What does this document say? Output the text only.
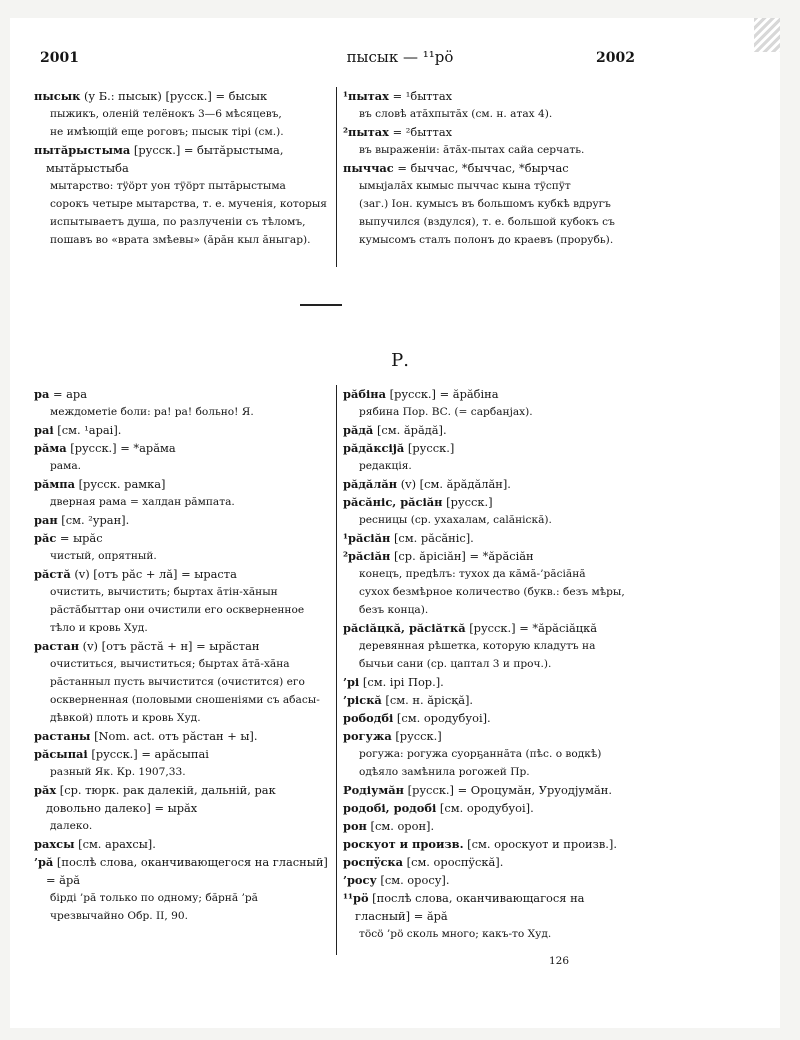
2001	пысык — ¹¹рö	2002

пысык (у Б.: пысык) [русск.] = бысык
пыжикъ, оленій телёнокъ 3—6 мѣсяцевъ,
не имѣющій еще роговъ; пысык тірі (см.).

пытăрыстыма [русск.] = бытăрыстыма, мытăрыстыба
мытарство: тÿöрт уон тÿöрт пытăрыстыма
сорокъ четыре мытарства, т. е. мученія, которыя испытываетъ душа, по разлученіи съ тѣломъ, пошавъ во «врата змѣевы» (ăрăн кыл ăныгар).

¹пытах = ¹быттах
въ словѣ атăхпытăх (см. н. атах 4).

²пытах = ²быттах
въ выраженіи: ăтăх-пытах сайа серчать.

пыччас = быччас, *быччас, *бырчас
ымыјалăх кымыс пыччас кына тÿспÿт
(заг.) Іон. кумысъ въ большомъ кубкѣ вдругъ выпучился (вздулся), т. е. большой кубокъ съ кумысомъ сталъ полонъ до краевъ (прорубь).

Р.

ра = ара
междометіе боли: ра! ра! больно! Я.

раі [см. ¹араі].

рăма [русск.] = *арăма
рама.

рăмпа [русск. рамка]
дверная рама = халдан рăмпата.

ран [см. ²уран].

рăс = ырăс
чистый, опрятный.

рăстă (v) [отъ рăс + лă] = ыраста
очистить, вычистить; быртах ăтін-хăнын
рăстăбыттар они очистили его оскверненное тѣло и кровь Худ.

растан (v) [отъ рăстă + н] = ырăстан
очиститься, вычиститься; быртах ăтă-хăна
рăстанныл пусть вычистится (очистится) его оскверненная (половыми сношеніями съ абасы-дѣвкой) плоть и кровь Худ.

растаны [Nom. act. отъ рăстан + ы].

рăсыпаі [русск.] = арăсыпаі
разный Як. Кр. 1907,33.

рăх [ср. тюрк. рак далекій, дальній, рак довольно далеко] = ырăх
далеко.

рахсы [см. арахсы].

’рă [послѣ слова, оканчивающегося на гласный] = ăрă
бірді ’рă только по одному; бăрнă ’рă чрезвычайно Обр. II, 90.

рăбіна [русск.] = ăрăбіна
рябина Пор. ВС. (= сарбанјах).

рăдă [см. ăрăдă].

рăдăксіјă [русск.]
редакція.

рăдăлăн (v) [см. ăрăдăлăн].

рăсăніс, рăсіăн [русск.]
ресницы (ср. ухахалам, саlăніскă).

¹рăсіăн [см. рăсăніс].

²рăсіăн [ср. ăрісіăн] = *ăрăсіăн
конецъ, предѣлъ: тухох да кăмă-’рăсіăнă
сухох безмѣрное количество (букв.: безъ мѣры, безъ конца).

рăсіăцкă, рăсіăткă [русск.] = *ăрăсіăцкă
деревянная рѣшетка, которую кладутъ на
бычьи сани (ср. цаптал 3 и проч.).

’рі [см. ірі Пор.].

’ріскă [см. н. ăрісқă].

рободбі [см. ородубуоі].

рогужа [русск.]
рогужа: рогужа суорҕаннăта (пѣс. о водкѣ)
одѣяло замѣнила рогожей Пр.

Родіумăн [русск.] = Ороцумăн, Уруодјумăн.

родобі, родобі [см. ородубуоі].

рон [см. орон].

роскуот и произв. [см. ороскуот и произв.].

роспÿска [см. ороспÿскă].

’росу [см. оросу].

¹¹рö [послѣ слова, оканчивающагося на гласный] = ăрă
тöсö ’рö сколь много; какъ-то Худ.

126
